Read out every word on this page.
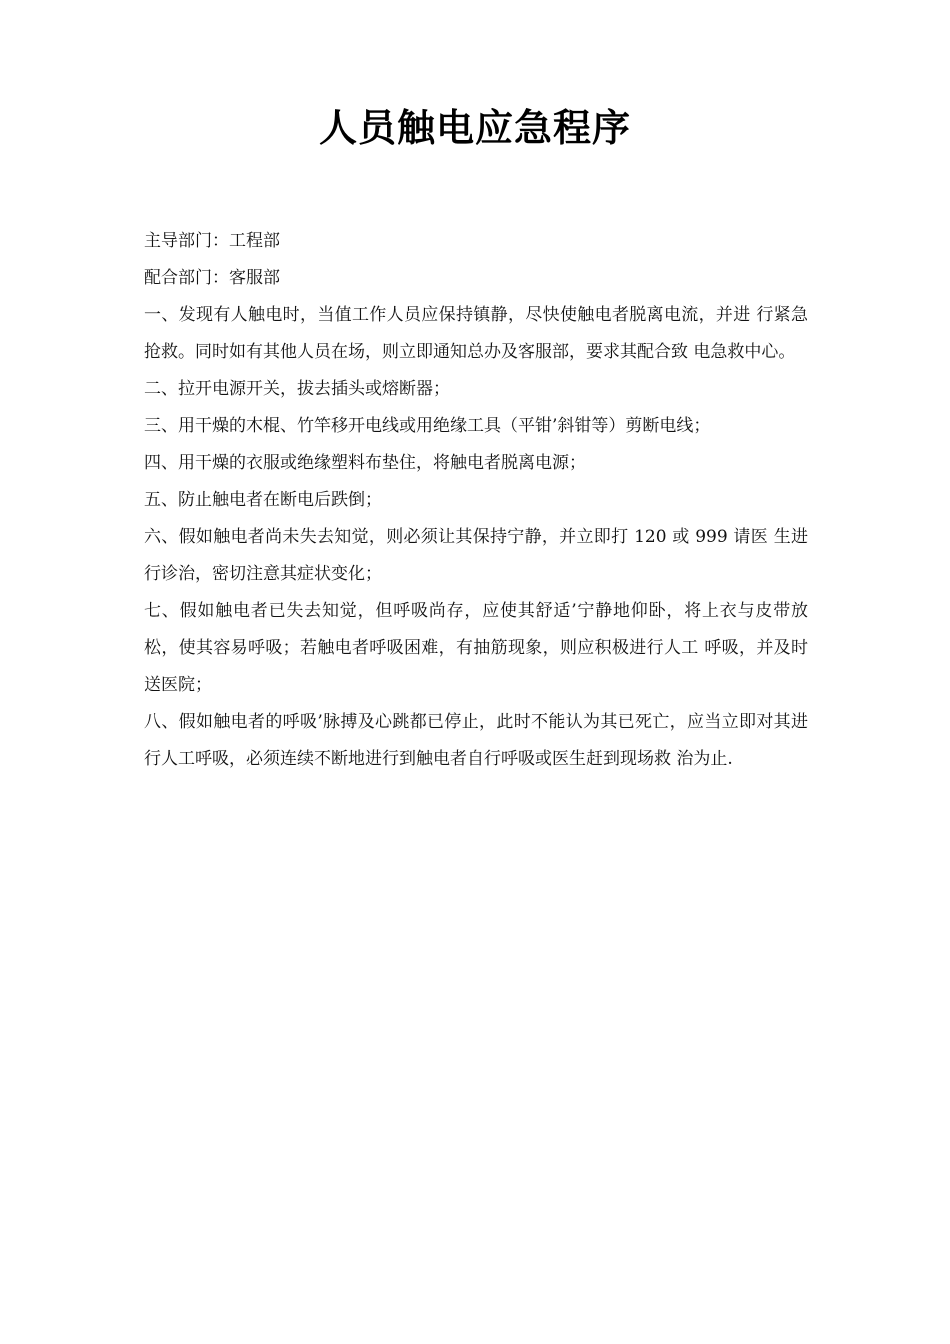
人员触电应急程序

主导部门：工程部

配合部门：客服部

一、发现有人触电时，当值工作人员应保持镇静，尽快使触电者脱离电流，并进 行紧急抢救。同时如有其他人员在场，则立即通知总办及客服部，要求其配合致 电急救中心。

二、拉开电源开关，拔去插头或熔断器；

三、用干燥的木棍、竹竿移开电线或用绝缘工具（平钳’斜钳等）剪断电线；

四、用干燥的衣服或绝缘塑料布垫住，将触电者脱离电源；

五、防止触电者在断电后跌倒；

六、假如触电者尚未失去知觉，则必须让其保持宁静，并立即打 120 或 999 请医 生进行诊治，密切注意其症状变化；

七、假如触电者已失去知觉，但呼吸尚存，应使其舒适’宁静地仰卧，将上衣与皮带放松，使其容易呼吸；若触电者呼吸困难，有抽筋现象，则应积极进行人工 呼吸，并及时送医院；

八、假如触电者的呼吸’脉搏及心跳都已停止，此时不能认为其已死亡，应当立即对其进行人工呼吸，必须连续不断地进行到触电者自行呼吸或医生赶到现场救 治为止.
